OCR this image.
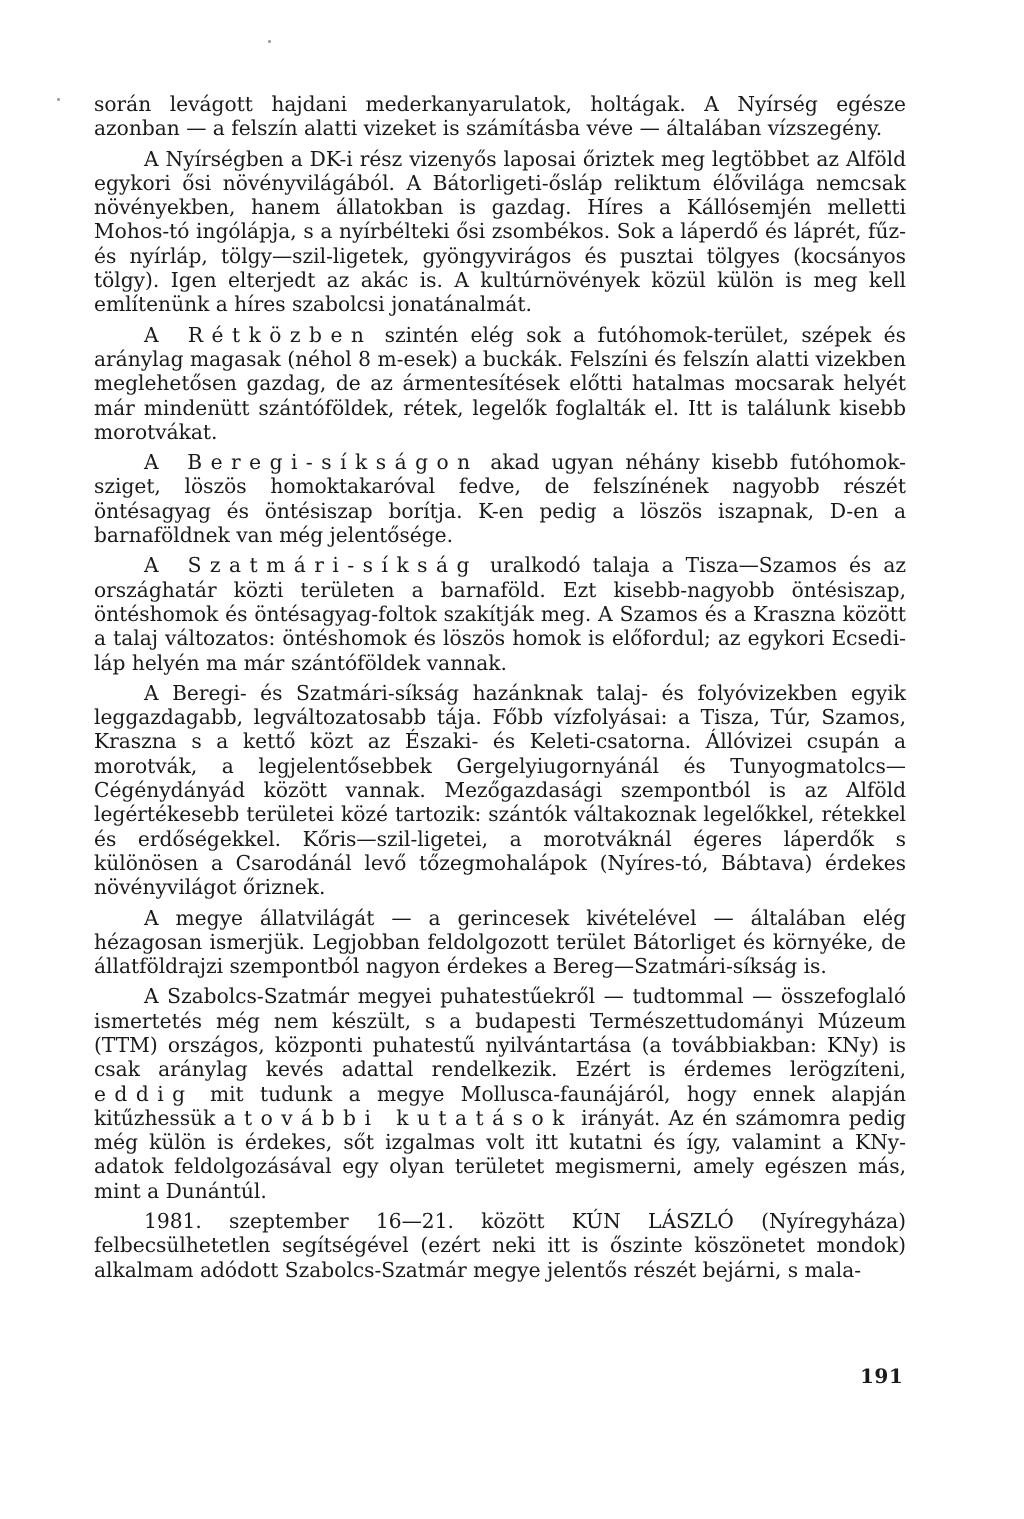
során levágott hajdani mederkanyarulatok, holtágak. A Nyírség egésze azonban — a felszín alatti vizeket is számításba véve — általában vízszegény.

A Nyírségben a DK-i rész vizenyős laposai őriztek meg legtöbbet az Alföld egykori ősi növényvilágából. A Bátorligeti-ősláp reliktum élővilága nemcsak növényekben, hanem állatokban is gazdag. Híres a Kállósemjén melletti Mohos-tó ingólápja, s a nyírbélteki ősi zsombékos. Sok a láperdő és láprét, fűz- és nyírláp, tölgy—szil-ligetek, gyöngyvirágos és pusztai tölgyes (kocsányos tölgy). Igen elterjedt az akác is. A kultúrnövények közül külön is meg kell említenünk a híres szabolcsi jonatánalmát.

A Rétközben szintén elég sok a futóhomok-terület, szépek és aránylag magasak (néhol 8 m-esek) a buckák. Felszíni és felszín alatti vizekben meglehetősen gazdag, de az ármentesítések előtti hatalmas mocsarak helyét már mindenütt szántóföldek, rétek, legelők foglalták el. Itt is találunk kisebb morotvákat.

A Beregi-síkságon akad ugyan néhány kisebb futóhomok-sziget, löszös homoktakaróval fedve, de felszínének nagyobb részét öntésagyag és öntésiszap borítja. K-en pedig a löszös iszapnak, D-en a barnaföldnek van még jelentősége.

A Szatmári-síkság uralkodó talaja a Tisza—Szamos és az országhatár közti területen a barnaföld. Ezt kisebb-nagyobb öntésiszap, öntéshomok és öntésagyag-foltok szakítják meg. A Szamos és a Kraszna között a talaj változatos: öntéshomok és löszös homok is előfordul; az egykori Ecsedi-láp helyén ma már szántóföldek vannak.

A Beregi- és Szatmári-síkság hazánknak talaj- és folyóvizekben egyik leggazdagabb, legváltozatosabb tája. Főbb vízfolyásai: a Tisza, Túr, Szamos, Kraszna s a kettő közt az Északi- és Keleti-csatorna. Állóvizei csupán a morotvák, a legjelentősebbek Gergelyiugornyánál és Tunyogmatolcs—Cégénydányád között vannak. Mezőgazdasági szempontból is az Alföld legértékesebb területei közé tartozik: szántók váltakoznak legelőkkel, rétekkel és erdőségekkel. Kőris—szil-ligetei, a morotváknál égeres láperdők s különösen a Csarodánál levő tőzegmohalápok (Nyíres-tó, Bábtava) érdekes növényvilágot őriznek.

A megye állatvilágát — a gerincesek kivételével — általában elég hézagosan ismerjük. Legjobban feldolgozott terület Bátorliget és környéke, de állatföldrajzi szempontból nagyon érdekes a Bereg—Szatmári-síkság is.

A Szabolcs-Szatmár megyei puhatestűekről — tudtommal — összefoglaló ismertetés még nem készült, s a budapesti Természettudományi Múzeum (TTM) országos, központi puhatestű nyilvántartása (a továbbiakban: KNy) is csak aránylag kevés adattal rendelkezik. Ezért is érdemes lerögzíteni, eddig mit tudunk a megye Mollusca-faunájáról, hogy ennek alapján kitűzhessük a további kutatások irányát. Az én számomra pedig még külön is érdekes, sőt izgalmas volt itt kutatni és így, valamint a KNy-adatok feldolgozásával egy olyan területet megismerni, amely egészen más, mint a Dunántúl.

1981. szeptember 16—21. között KÚN LÁSZLÓ (Nyíregyháza) felbecsülhetetlen segítségével (ezért neki itt is őszinte köszönetet mondok) alkalmam adódott Szabolcs-Szatmár megye jelentős részét bejárni, s mala-

191
